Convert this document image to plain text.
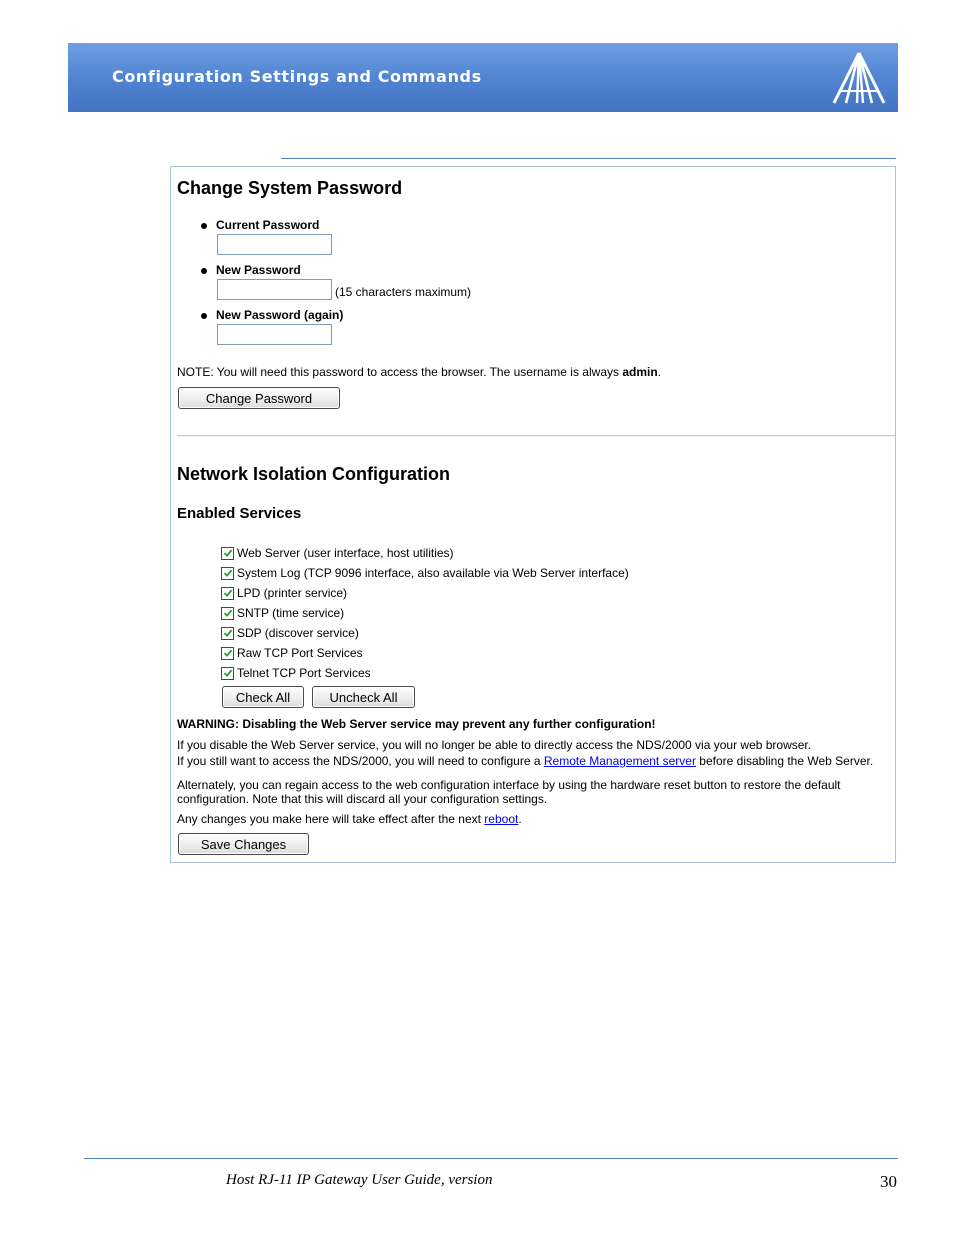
Configuration Settings and Commands
Change System Password
Current Password
New Password
(15 characters maximum)
New Password (again)
NOTE: You will need this password to access the browser. The username is always admin.
Change Password
Network Isolation Configuration
Enabled Services
Web Server (user interface, host utilities)
System Log (TCP 9096 interface, also available via Web Server interface)
LPD (printer service)
SNTP (time service)
SDP (discover service)
Raw TCP Port Services
Telnet TCP Port Services
Check All	Uncheck All
WARNING: Disabling the Web Server service may prevent any further configuration!
If you disable the Web Server service, you will no longer be able to directly access the NDS/2000 via your web browser.
If you still want to access the NDS/2000, you will need to configure a Remote Management server before disabling the Web Server.
Alternately, you can regain access to the web configuration interface by using the hardware reset button to restore the default
configuration. Note that this will discard all your configuration settings.
Any changes you make here will take effect after the next reboot.
Save Changes
Host RJ-11 IP Gateway User Guide, version	30
